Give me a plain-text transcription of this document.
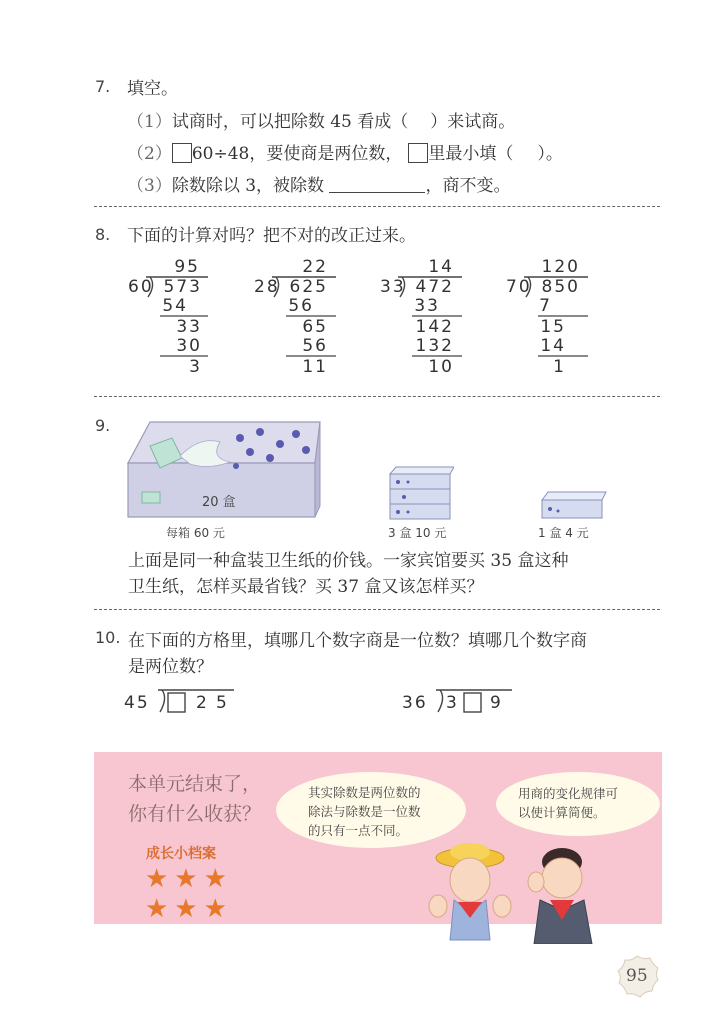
7. 填空。
（1）试商时，可以把除数 45 看成（ ）来试商。
（2） 60÷48，要使商是两位数， 里最小填（ ）。
（3）除数除以 3，被除数	，商不变。
8. 下面的计算对吗？把不对的改正过来。
95
60 573
54
33
30
3
22
28 625
56
65
56
11
14
33 472
33
142
132
10
120
70 850
7
15
14
1
9.
20 盒
每箱 60 元	3 盒 10 元	1 盒 4 元
上面是同一种盒装卫生纸的价钱。一家宾馆要买 35 盒这种
卫生纸，怎样买最省钱？买 37 盒又该怎样买？
10. 在下面的方格里，填哪几个数字商是一位数？填哪几个数字商
是两位数？
45	2 5	36 3 9
本单元结束了，
你有什么收获？
成长小档案
★★★
★★★
其实除数是两位数的
除法与除数是一位数
的只有一点不同。
用商的变化规律可
以使计算简便。
95
